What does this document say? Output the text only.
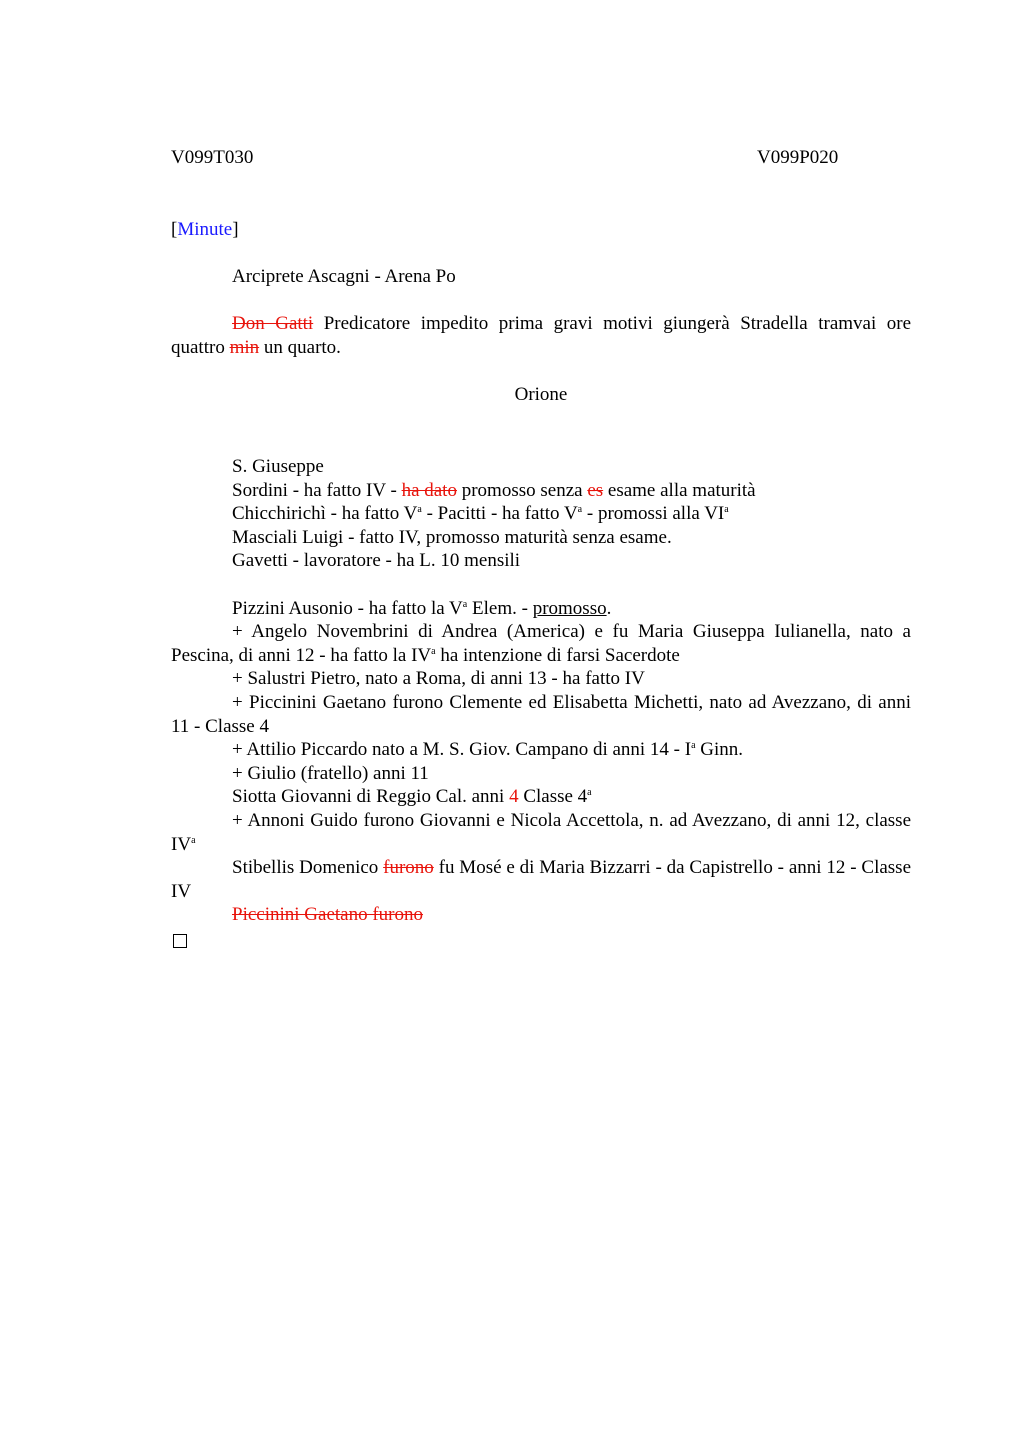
V099T030	V099P020
[Minute]

Arciprete Ascagni - Arena Po

Don Gatti Predicatore impedito prima gravi motivi giungerà Stradella tramvai ore quattro min un quarto.

Orione

S. Giuseppe

Sordini - ha fatto IV - ha dato promosso senza es esame alla maturità

Chicchirichì - ha fatto $V^a$ - Pacitti - ha fatto $V^a$ - promossi alla $VI^a$

Masciali Luigi - fatto IV, promosso maturità senza esame.

Gavetti - lavoratore - ha L. 10 mensili

Pizzini Ausonio - ha fatto la $V^a$ Elem. - promosso.

+ Angelo Novembrini di Andrea (America) e fu Maria Giuseppa Iulianella, nato a Pescina, di anni 12 - ha fatto la $IV^a$ ha intenzione di farsi Sacerdote

+ Salustri Pietro, nato a Roma, di anni 13 - ha fatto IV

+ Piccinini Gaetano furono Clemente ed Elisabetta Michetti, nato ad Avezzano, di anni 11 - Classe 4

+ Attilio Piccardo nato a M. S. Giov. Campano di anni $14 - I^a$ Ginn.

+ Giulio (fratello) anni 11

Siotta Giovanni di Reggio Cal. anni 4 Classe 4$^a$

+ Annoni Guido furono Giovanni e Nicola Accettola, n. ad Avezzano, di anni 12, classe $IV^a$

Stibellis Domenico furono fu Mosé e di Maria Bizzarri - da Capistrello - anni 12 - Classe IV

Piccinini Gaetano furono
